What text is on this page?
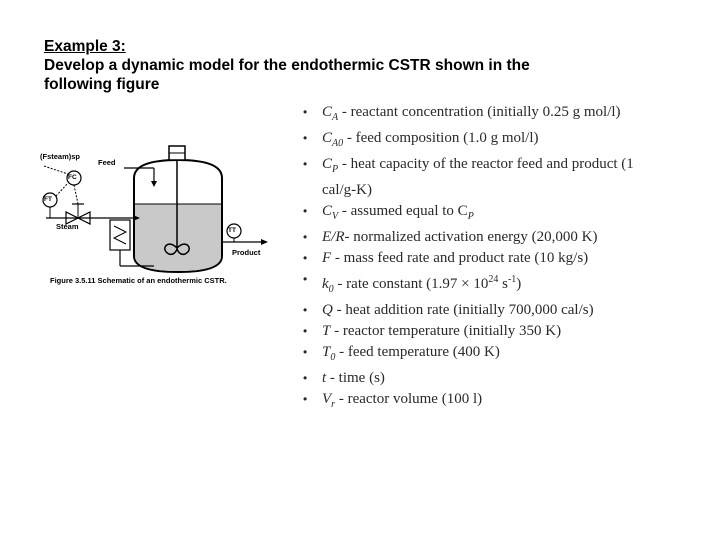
Example 3:
Develop a dynamic model for the endothermic CSTR shown in the
following figure
(Fsteam)sp
Feed
FC
FT
Steam	TT
Product
Figure 3.5.11 Schematic of an endothermic CSTR.
• $C_A$ - reactant concentration (initially 0.25 g mol/l)
• $C_{A0}$ - feed composition (1.0 g mol/l)
• $C_P$ - heat capacity of the reactor feed and product (1 cal/g-K)
• $C_V$ - assumed equal to $C_P$
• E/R- normalized activation energy (20,000 K)
• F - mass feed rate and product rate (10 kg/s)
• $k_0$ - rate constant ($1.97 \times 10^{24}$ $s^{-1}$)
• Q - heat addition rate (initially 700,000 cal/s)
• T - reactor temperature (initially 350 K)
• $T_0$ - feed temperature (400 K)
• t - time (s)
• $V_r$ - reactor volume (100 l)
